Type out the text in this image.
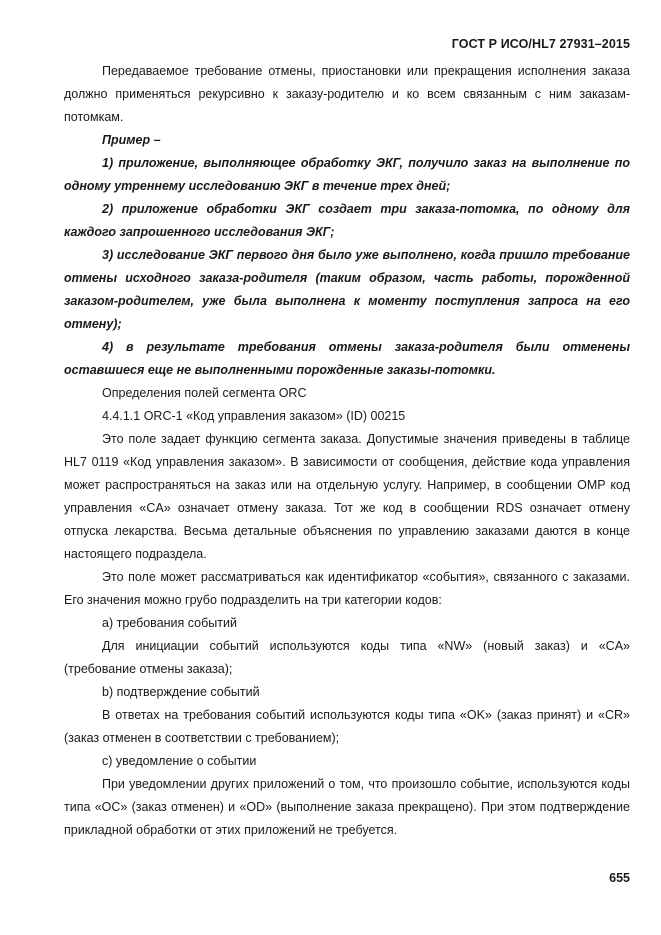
ГОСТ Р ИСО/HL7 27931–2015

Передаваемое требование отмены, приостановки или прекращения исполнения заказа должно применяться рекурсивно к заказу-родителю и ко всем связанным с ним заказам-потомкам.

Пример –

1) приложение, выполняющее обработку ЭКГ, получило заказ на выполнение по одному утреннему исследованию ЭКГ в течение трех дней;

2) приложение обработки ЭКГ создает три заказа-потомка, по одному для каждого запрошенного исследования ЭКГ;

3) исследование ЭКГ первого дня было уже выполнено, когда пришло требование отмены исходного заказа-родителя (таким образом, часть работы, порожденной заказом-родителем, уже была выполнена к моменту поступления запроса на его отмену);

4) в результате требования отмены заказа-родителя были отменены оставшиеся еще не выполненными порожденные заказы-потомки.

Определения полей сегмента ORC

4.4.1.1 ORC-1 «Код управления заказом» (ID) 00215

Это поле задает функцию сегмента заказа. Допустимые значения приведены в таблице HL7 0119 «Код управления заказом». В зависимости от сообщения, действие кода управления может распространяться на заказ или на отдельную услугу. Например, в сообщении OMP код управления «CA» означает отмену заказа. Тот же код в сообщении RDS означает отмену отпуска лекарства. Весьма детальные объяснения по управлению заказами даются в конце настоящего подраздела.

Это поле может рассматриваться как идентификатор «события», связанного с заказами. Его значения можно грубо подразделить на три категории кодов:

a) требования событий

Для инициации событий используются коды типа «NW» (новый заказ) и «CA» (требование отмены заказа);

b) подтверждение событий

В ответах на требования событий используются коды типа «OK» (заказ принят) и «CR» (заказ отменен в соответствии с требованием);

c) уведомление о событии

При уведомлении других приложений о том, что произошло событие, используются коды типа «OC» (заказ отменен) и «OD» (выполнение заказа прекращено). При этом подтверждение прикладной обработки от этих приложений не требуется.

655
